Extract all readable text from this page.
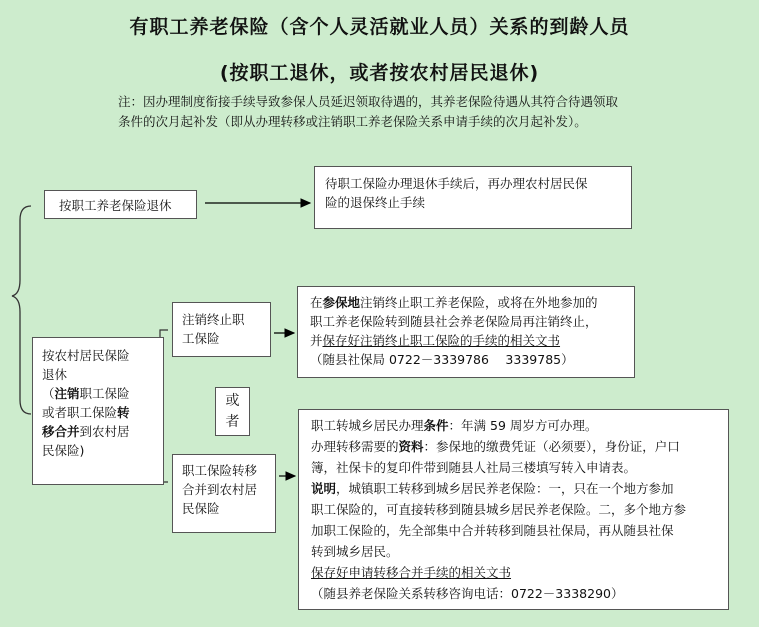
有职工养老保险（含个人灵活就业人员）关系的到龄人员
(按职工退休，或者按农村居民退休)
注：因办理制度衔接手续导致参保人员延迟领取待遇的，其养老保险待遇从其符合待遇领取
条件的次月起补发（即从办理转移或注销职工养老保险关系申请手续的次月起补发）。
按职工养老保险退休
待职工保险办理退休手续后，再办理农村居民保
险的退保终止手续
按农村居民保险
退休
（注销职工保险
或者职工保险转
移合并到农村居
民保险)
注销终止职
工保险
或
者
职工保险转移
合并到农村居
民保险
在参保地注销终止职工养老保险，或将在外地参加的
职工养老保险转到随县社会养老保险局再注销终止，
并保存好注销终止职工保险的手续的相关文书
（随县社保局 0722－3339786　 3339785）
职工转城乡居民办理条件：年满 59 周岁方可办理。
办理转移需要的资料：参保地的缴费凭证（必须要），身份证，户口
簿，社保卡的复印件带到随县人社局三楼填写转入申请表。
说明，城镇职工转移到城乡居民养老保险：一，只在一个地方参加
职工保险的，可直接转移到随县城乡居民养老保险。二，多个地方参
加职工保险的，先全部集中合并转移到随县社保局，再从随县社保
转到城乡居民。
保存好申请转移合并手续的相关文书
（随县养老保险关系转移咨询电话：0722－3338290）
